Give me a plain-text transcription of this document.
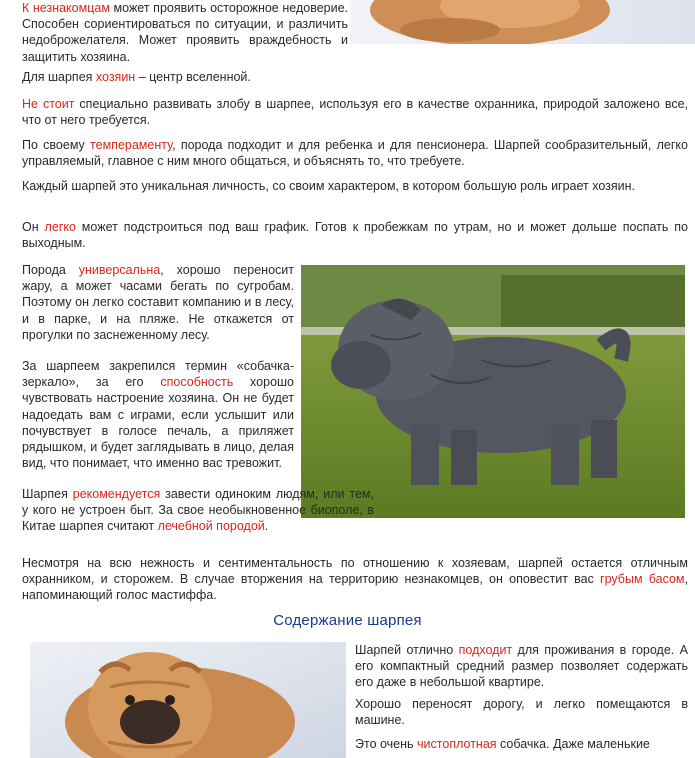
К незнакомцам может проявить осторожное недоверие. Способен сориентироваться по ситуации, и различить недоброжелателя. Может проявить враждебность и защитить хозяина.

Для шарпея хозяин – центр вселенной.

Не стоит специально развивать злобу в шарпее, используя его в качестве охранника, природой заложено все, что от него требуется.

По своему темпераменту, порода подходит и для ребенка и для пенсионера. Шарпей сообразительный, легко управляемый, главное с ним много общаться, и объяснять то, что требуете.

Каждый шарпей это уникальная личность, со своим характером, в котором большую роль играет хозяин.

Он легко может подстроиться под ваш график. Готов к пробежкам по утрам, но и может дольше поспать по выходным.

Порода универсальна, хорошо переносит жару, а может часами бегать по сугробам. Поэтому он легко составит компанию и в лесу, и в парке, и на пляже. Не откажется от прогулки по заснеженному лесу.

За шарпеем закрепился термин «собачка-зеркало», за его способность хорошо чувствовать настроение хозяина. Он не будет надоедать вам с играми, если услышит или почувствует в голосе печаль, а приляжет рядышком, и будет заглядывать в лицо, делая вид, что понимает, что именно вас тревожит.

Шарпея рекомендуется завести одиноким людям, или тем, у кого не устроен быт. За свое необыкновенное биополе, в Китае шарпея считают лечебной породой.

Несмотря на всю нежность и сентиментальность по отношению к хозяевам, шарпей остается отличным охранником, и сторожем. В случае вторжения на территорию незнакомцев, он оповестит вас грубым басом, напоминающий голос мастиффа.

Содержание шарпея

Шарпей отлично подходит для проживания в городе. А его компактный средний размер позволяет содержать его даже в небольшой квартире.

Хорошо переносят дорогу, и легко помещаются в машине.

Это очень чистоплотная собачка. Даже маленькие
